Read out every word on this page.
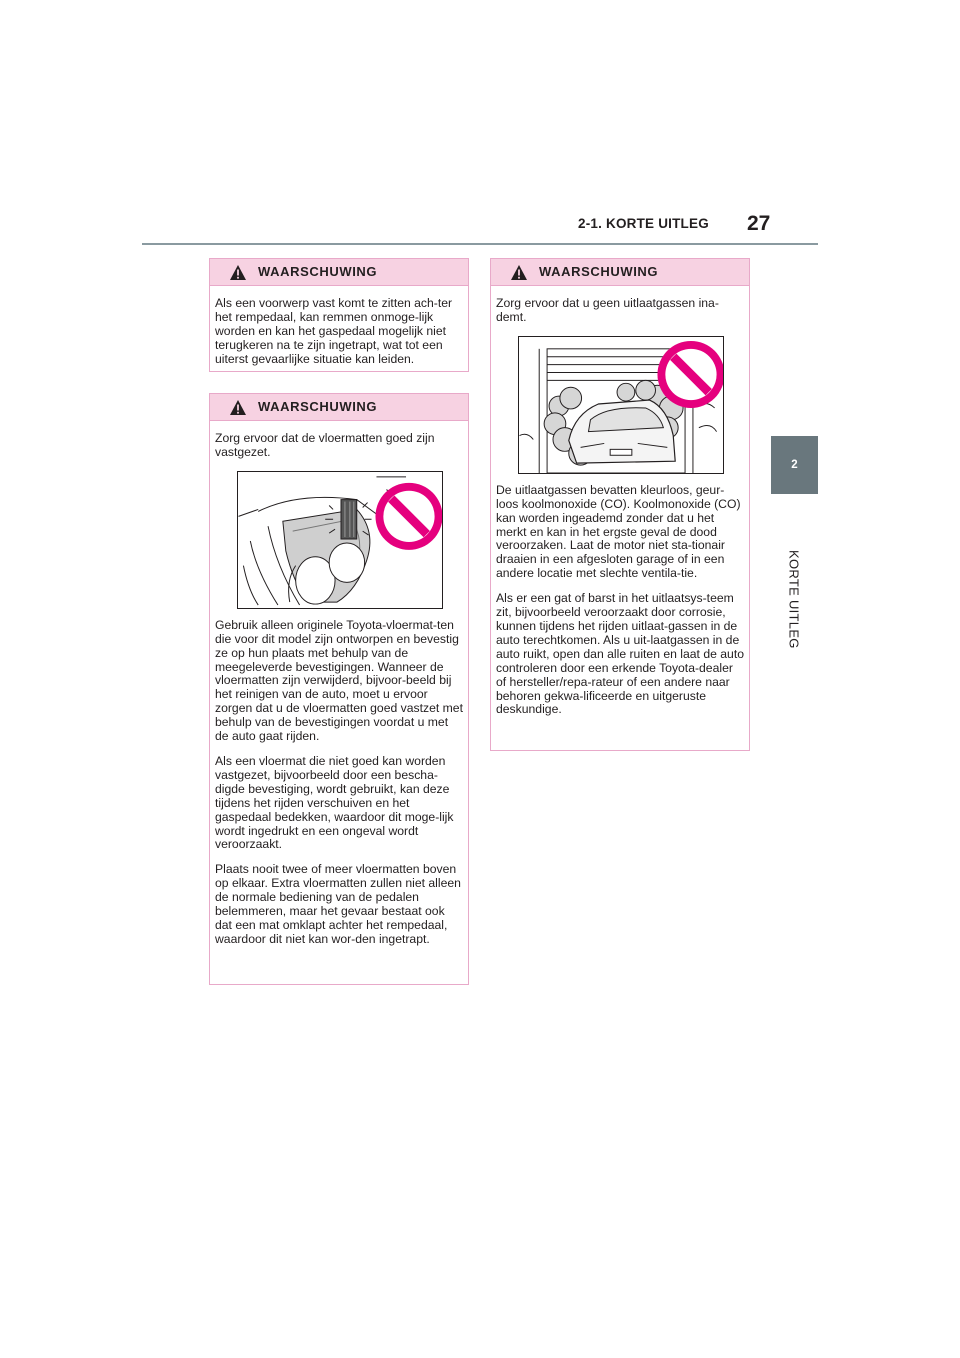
2-1. KORTE UITLEG 27
2
KORTE UITLEG
WAARSCHUWING

Als een voorwerp vast komt te zitten ach-ter het rempedaal, kan remmen onmoge-lijk worden en kan het gaspedaal mogelijk niet terugkeren na te zijn ingetrapt, wat tot een uiterst gevaarlijke situatie kan leiden.

WAARSCHUWING

Zorg ervoor dat de vloermatten goed zijn vastgezet.

Gebruik alleen originele Toyota-vloermat-ten die voor dit model zijn ontworpen en bevestig ze op hun plaats met behulp van de meegeleverde bevestigingen. Wanneer de vloermatten zijn verwijderd, bijvoor-beeld bij het reinigen van de auto, moet u ervoor zorgen dat u de vloermatten goed vastzet met behulp van de bevestigingen voordat u met de auto gaat rijden.

Als een vloermat die niet goed kan worden vastgezet, bijvoorbeeld door een bescha-digde bevestiging, wordt gebruikt, kan deze tijdens het rijden verschuiven en het gaspedaal bedekken, waardoor dit moge-lijk wordt ingedrukt en een ongeval wordt veroorzaakt.

Plaats nooit twee of meer vloermatten boven op elkaar. Extra vloermatten zullen niet alleen de normale bediening van de pedalen belemmeren, maar het gevaar bestaat ook dat een mat omklapt achter het rempedaal, waardoor dit niet kan wor-den ingetrapt.

WAARSCHUWING

Zorg ervoor dat u geen uitlaatgassen ina-demt.

De uitlaatgassen bevatten kleurloos, geur-loos koolmonoxide (CO). Koolmonoxide (CO) kan worden ingeademd zonder dat u het merkt en kan in het ergste geval de dood veroorzaken. Laat de motor niet sta-tionair draaien in een afgesloten garage of in een andere locatie met slechte ventila-tie.

Als er een gat of barst in het uitlaatsys-teem zit, bijvoorbeeld veroorzaakt door corrosie, kunnen tijdens het rijden uitlaat-gassen in de auto terechtkomen. Als u uit-laatgassen in de auto ruikt, open dan alle ruiten en laat de auto controleren door een erkende Toyota-dealer of hersteller/repa-rateur of een andere naar behoren gekwa-lificeerde en uitgeruste deskundige.
